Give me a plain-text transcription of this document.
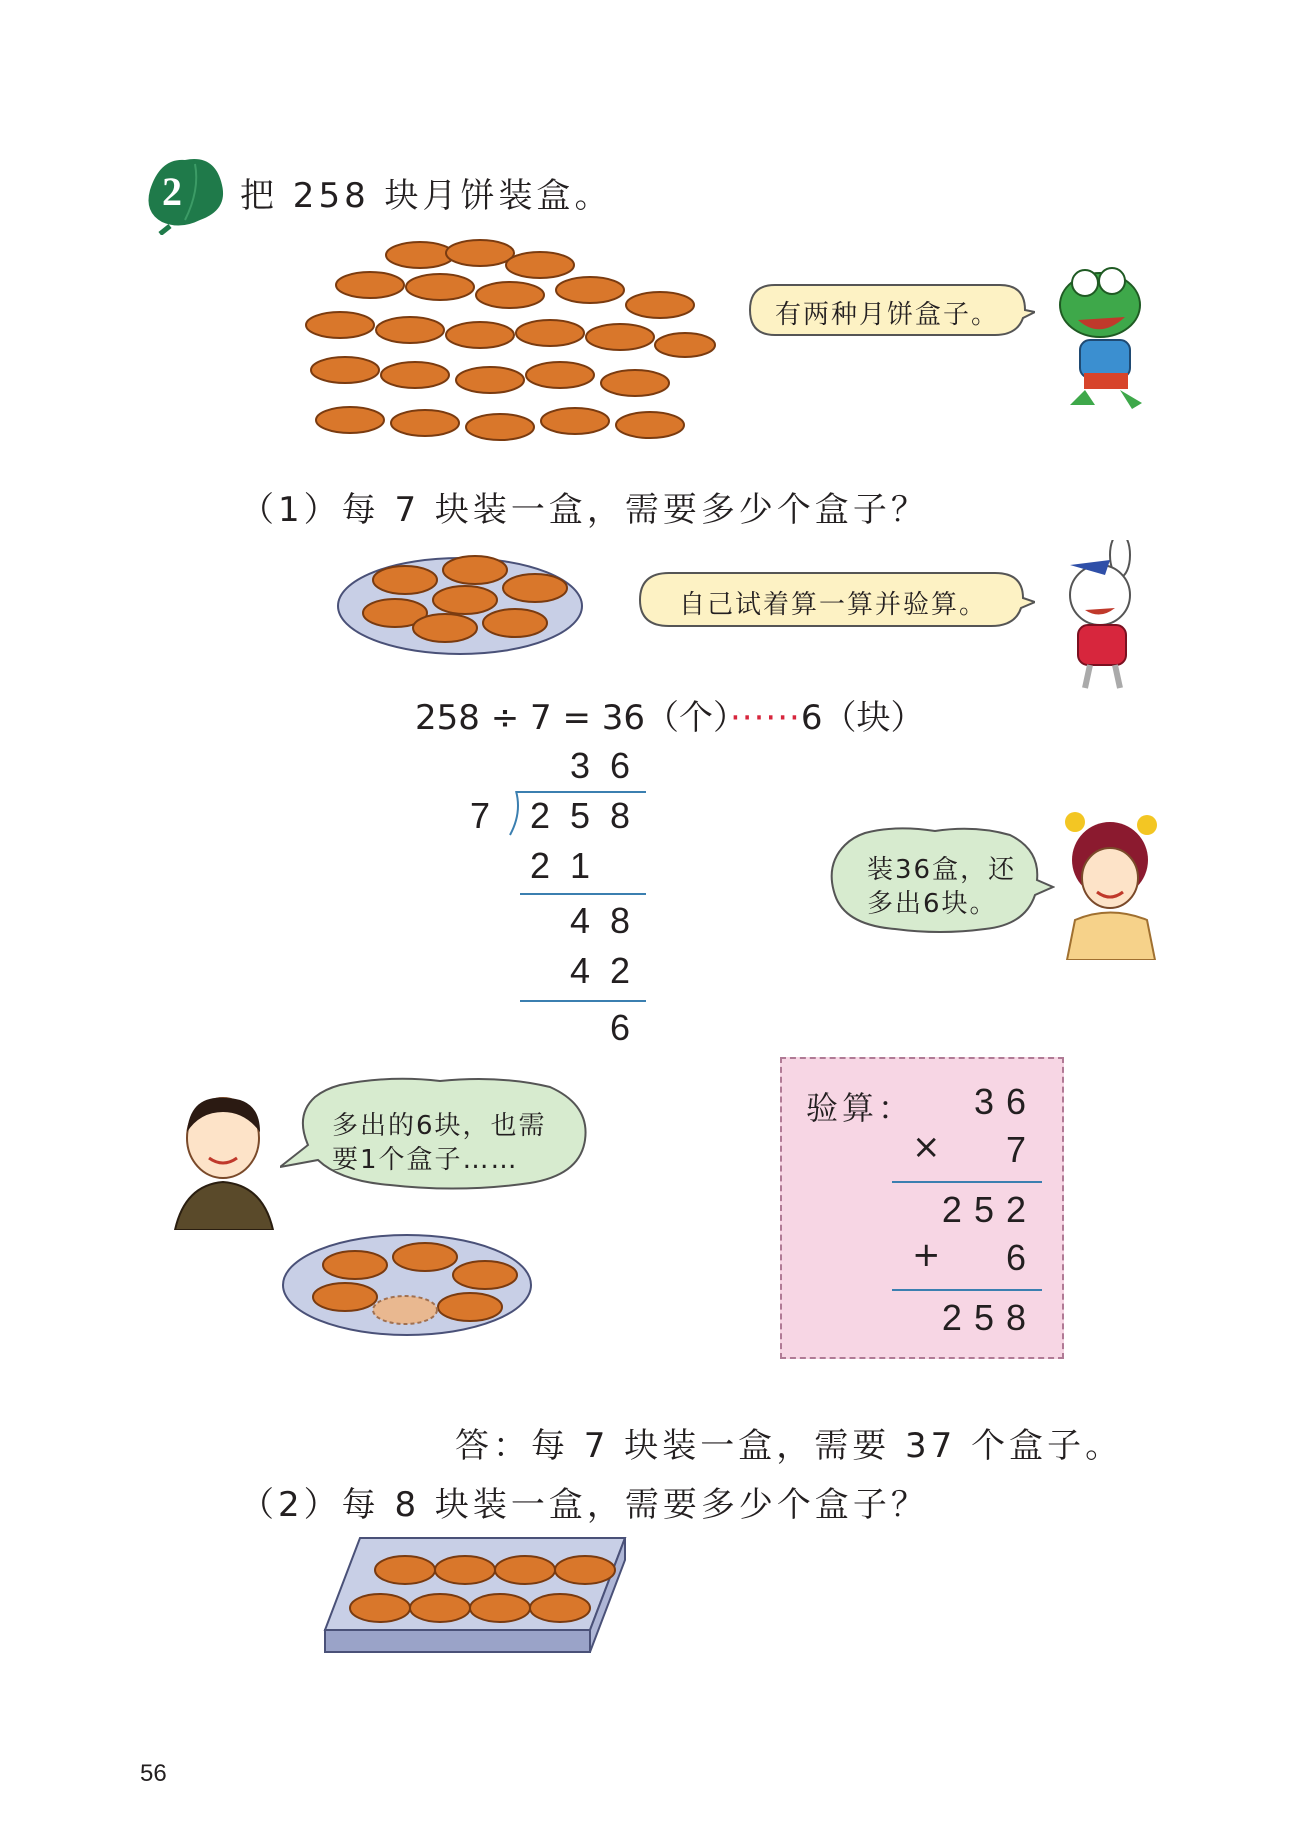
2 把 258 块月饼装盒。
有两种月饼盒子。
（1）每 7 块装一盒，需要多少个盒子？
自己试着算一算并验算。
258 ÷ 7 = 36（个）······6（块）
3 6
7 2 5 8
2 1
4 8
4 2
6
装36盒，还
多出6块。
多出的6块，也需
要1个盒子……
验算： 36
× 7
252
+ 6
258
答：每 7 块装一盒，需要 37 个盒子。
（2）每 8 块装一盒，需要多少个盒子？
56
